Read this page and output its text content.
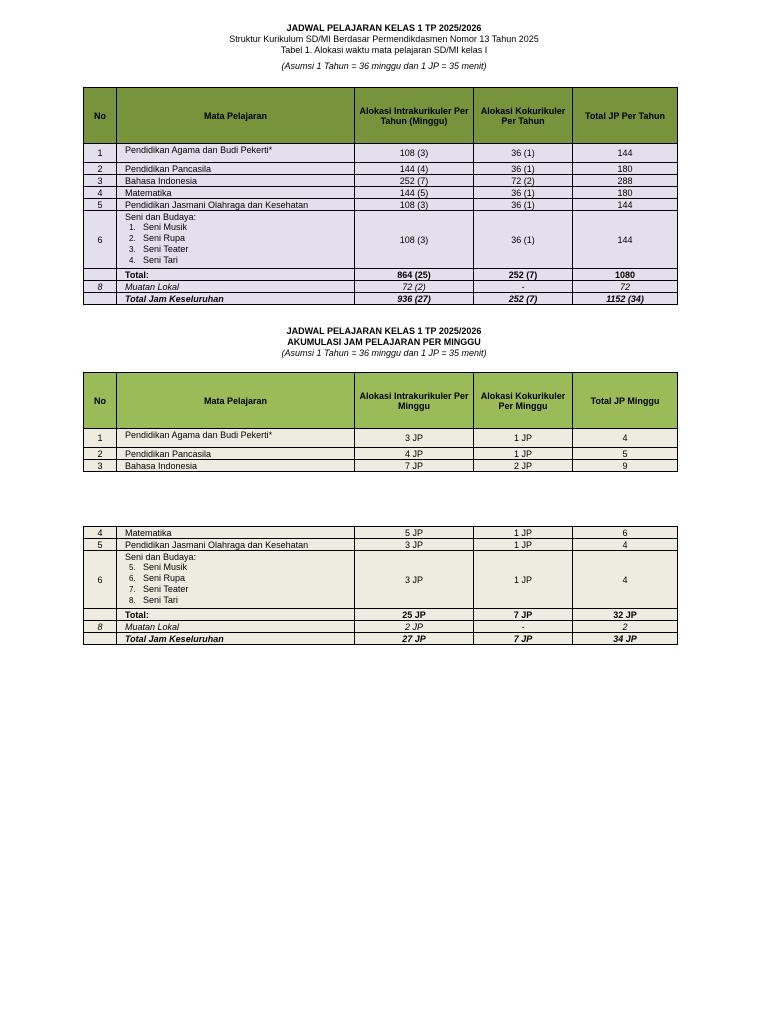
JADWAL PELAJARAN KELAS 1 TP 2025/2026
Struktur Kurikulum SD/MI Berdasar Permendikdasmen Nomor 13 Tahun 2025
Tabel 1. Alokasi waktu mata pelajaran SD/MI kelas I
(Asumsi 1 Tahun = 36 minggu dan 1 JP = 35 menit)
No	Mata Pelajaran	Alokasi Intrakurikuler Per Tahun (Minggu)	Alokasi Kokurikuler Per Tahun	Total JP Per Tahun
1	Pendidikan Agama dan Budi Pekerti*	108 (3)	36 (1)	144
2	Pendidikan Pancasila	144 (4)	36 (1)	180
3	Bahasa Indonesia	252 (7)	72 (2)	288
4	Matematika	144 (5)	36 (1)	180
5	Pendidikan Jasmani Olahraga dan Kesehatan	108 (3)	36 (1)	144
6	Seni dan Budaya:
1. Seni Musik
2. Seni Rupa
3. Seni Teater
4. Seni Tari	108 (3)	36 (1)	144
	Total:	864 (25)	252 (7)	1080
8	Muatan Lokal	72 (2)	-	72
	Total Jam Keseluruhan	936 (27)	252 (7)	1152 (34)
JADWAL PELAJARAN KELAS 1 TP 2025/2026
AKUMULASI JAM PELAJARAN PER MINGGU
(Asumsi 1 Tahun = 36 minggu dan 1 JP = 35 menit)
No	Mata Pelajaran	Alokasi Intrakurikuler Per Minggu	Alokasi Kokurikuler Per Minggu	Total JP Minggu
1	Pendidikan Agama dan Budi Pekerti*	3 JP	1 JP	4
2	Pendidikan Pancasila	4 JP	1 JP	5
3	Bahasa Indonesia	7 JP	2 JP	9
4	Matematika	5 JP	1 JP	6
5	Pendidikan Jasmani Olahraga dan Kesehatan	3 JP	1 JP	4
6	Seni dan Budaya:
5. Seni Musik
6. Seni Rupa
7. Seni Teater
8. Seni Tari	3 JP	1 JP	4
	Total:	25 JP	7 JP	32 JP
8	Muatan Lokal	2 JP	-	2
	Total Jam Keseluruhan	27 JP	7 JP	34 JP
